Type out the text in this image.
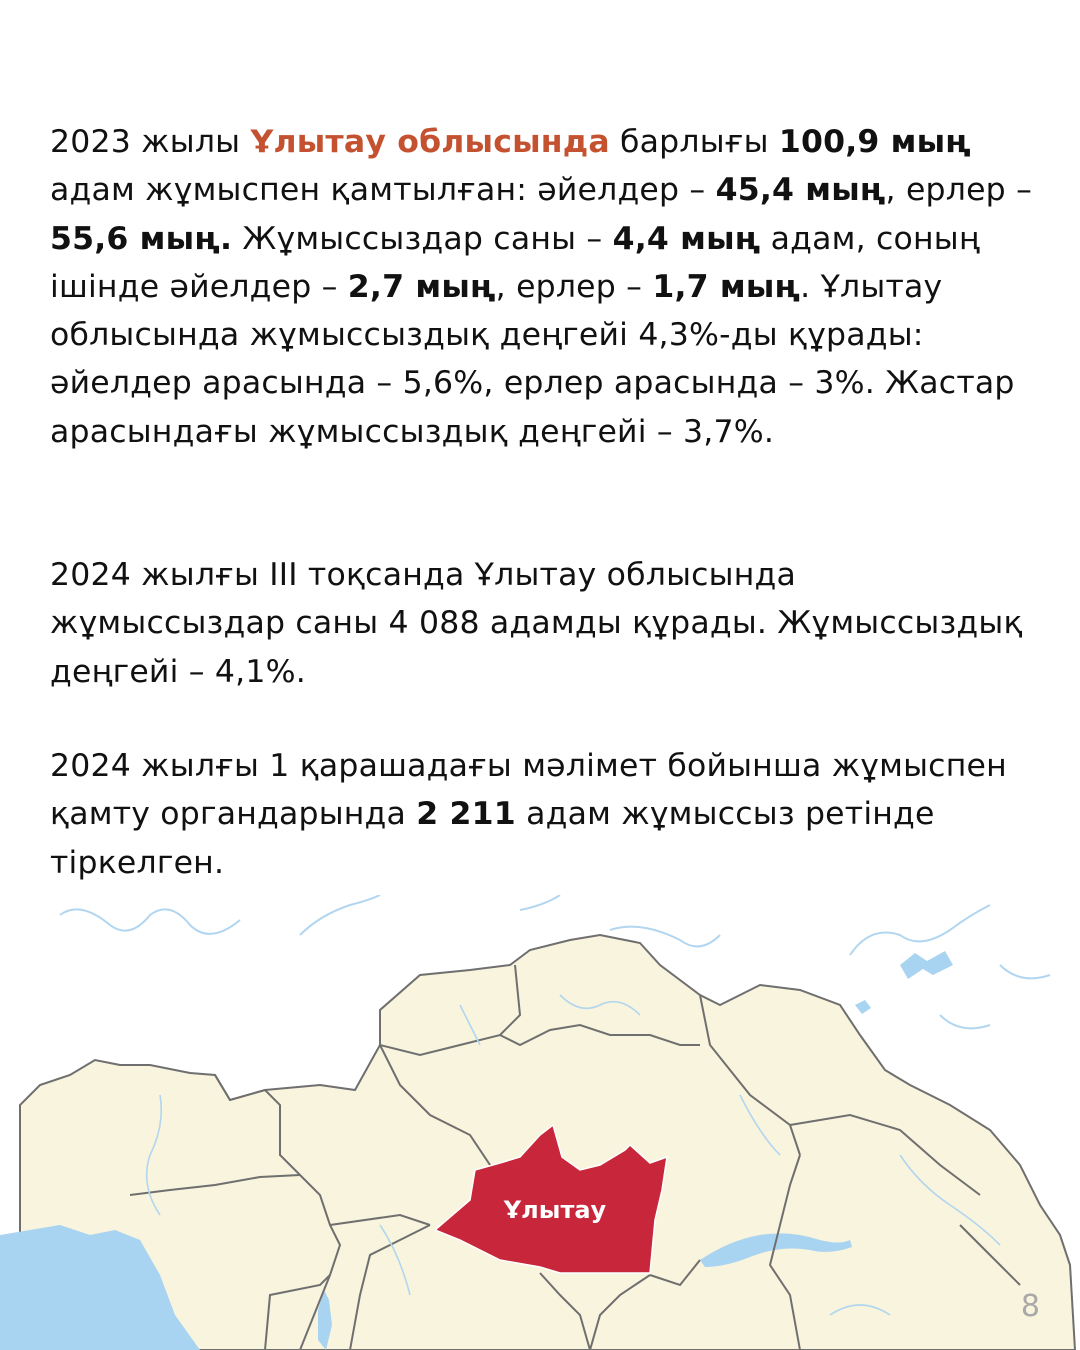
2023 жылы Ұлытау облысында барлығы 100,9 мың адам жұмыспен қамтылған: әйелдер – 45,4 мың, ерлер – 55,6 мың. Жұмыссыздар саны – 4,4 мың адам, соның ішінде әйелдер – 2,7 мың, ерлер – 1,7 мың. Ұлытау облысында жұмыссыздық деңгейі 4,3%-ды құрады: әйелдер арасында – 5,6%, ерлер арасында – 3%. Жастар арасындағы жұмыссыздық деңгейі – 3,7%.

2024 жылғы III тоқсанда Ұлытау облысында жұмыссыздар саны 4 088 адамды құрады. Жұмыссыздық деңгейі – 4,1%.

2024 жылғы 1 қарашадағы мәлімет бойынша жұмыспен қамту органдарында 2 211 адам жұмыссыз ретінде тіркелген.

Ұлытау
8
